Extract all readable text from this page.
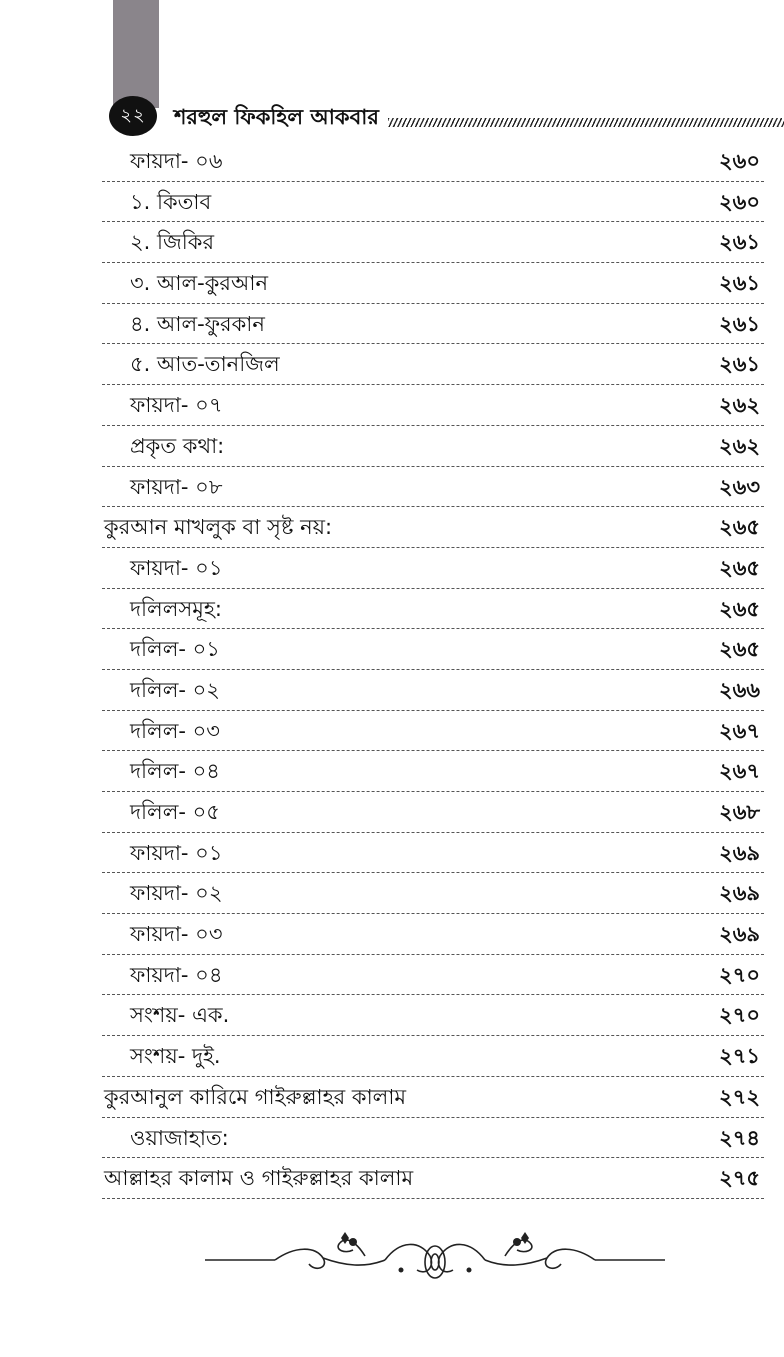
২২	শরহুল ফিকহিল আকবার
ফায়দা- ০৬	২৬০
১. কিতাব	২৬০
২. জিকির	২৬১
৩. আল-কুরআন	২৬১
৪. আল-ফুরকান	২৬১
৫. আত-তানজিল	২৬১
ফায়দা- ০৭	২৬২
প্রকৃত কথা:	২৬২
ফায়দা- ০৮	২৬৩
কুরআন মাখলুক বা সৃষ্ট নয়:	২৬৫
ফায়দা- ০১	২৬৫
দলিলসমূহ:	২৬৫
দলিল- ০১	২৬৫
দলিল- ০২	২৬৬
দলিল- ০৩	২৬৭
দলিল- ০৪	২৬৭
দলিল- ০৫	২৬৮
ফায়দা- ০১	২৬৯
ফায়দা- ০২	২৬৯
ফায়দা- ০৩	২৬৯
ফায়দা- ০৪	২৭০
সংশয়- এক.	২৭০
সংশয়- দুই.	২৭১
কুরআনুল কারিমে গাইরুল্লাহর কালাম	২৭২
ওয়াজাহাত:	২৭৪
আল্লাহর কালাম ও গাইরুল্লাহর কালাম	২৭৫
